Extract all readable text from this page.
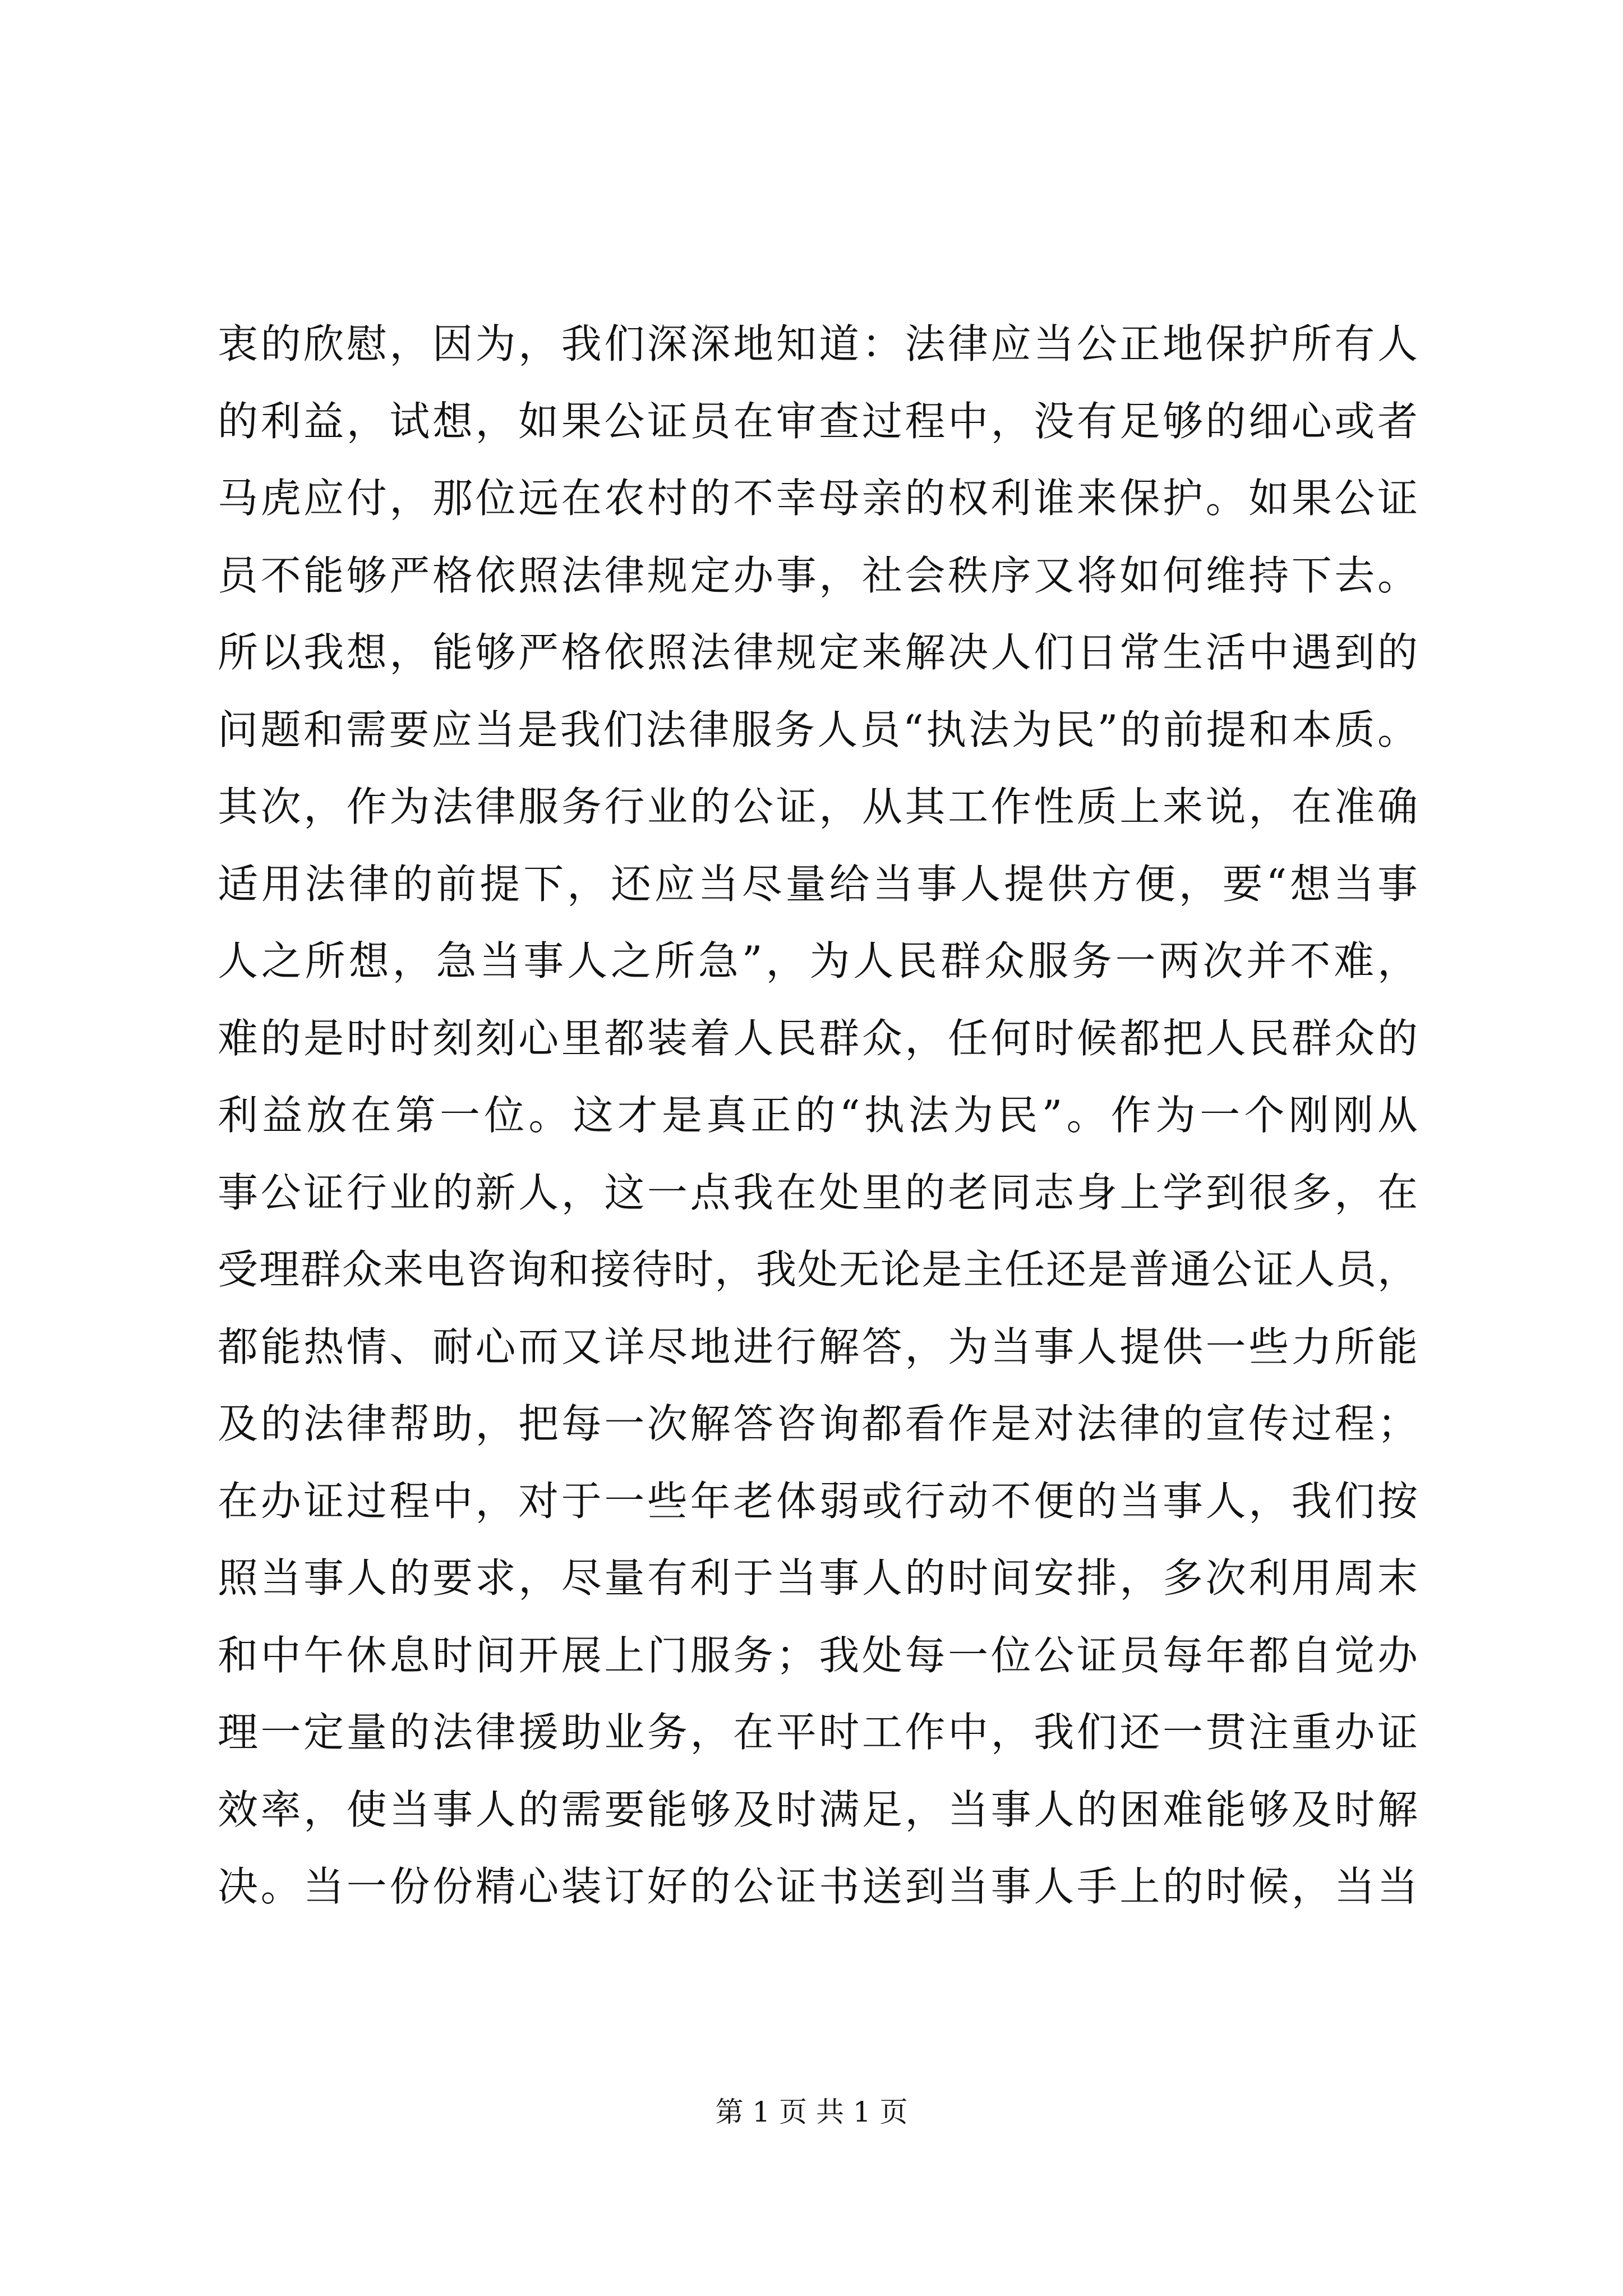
衷的欣慰，因为，我们深深地知道：法律应当公正地保护所有人
的利益，试想，如果公证员在审查过程中，没有足够的细心或者
马虎应付，那位远在农村的不幸母亲的权利谁来保护。如果公证
员不能够严格依照法律规定办事，社会秩序又将如何维持下去。
所以我想，能够严格依照法律规定来解决人们日常生活中遇到的
问题和需要应当是我们法律服务人员“执法为民”的前提和本质。
其次，作为法律服务行业的公证，从其工作性质上来说，在准确
适用法律的前提下，还应当尽量给当事人提供方便，要“想当事
人之所想，急当事人之所急”，为人民群众服务一两次并不难，
难的是时时刻刻心里都装着人民群众，任何时候都把人民群众的
利益放在第一位。这才是真正的“执法为民”。作为一个刚刚从
事公证行业的新人，这一点我在处里的老同志身上学到很多，在
受理群众来电咨询和接待时，我处无论是主任还是普通公证人员，
都能热情、耐心而又详尽地进行解答，为当事人提供一些力所能
及的法律帮助，把每一次解答咨询都看作是对法律的宣传过程；
在办证过程中，对于一些年老体弱或行动不便的当事人，我们按
照当事人的要求，尽量有利于当事人的时间安排，多次利用周末
和中午休息时间开展上门服务；我处每一位公证员每年都自觉办
理一定量的法律援助业务，在平时工作中，我们还一贯注重办证
效率，使当事人的需要能够及时满足，当事人的困难能够及时解
决。当一份份精心装订好的公证书送到当事人手上的时候，当当
第 1 页 共 1 页
